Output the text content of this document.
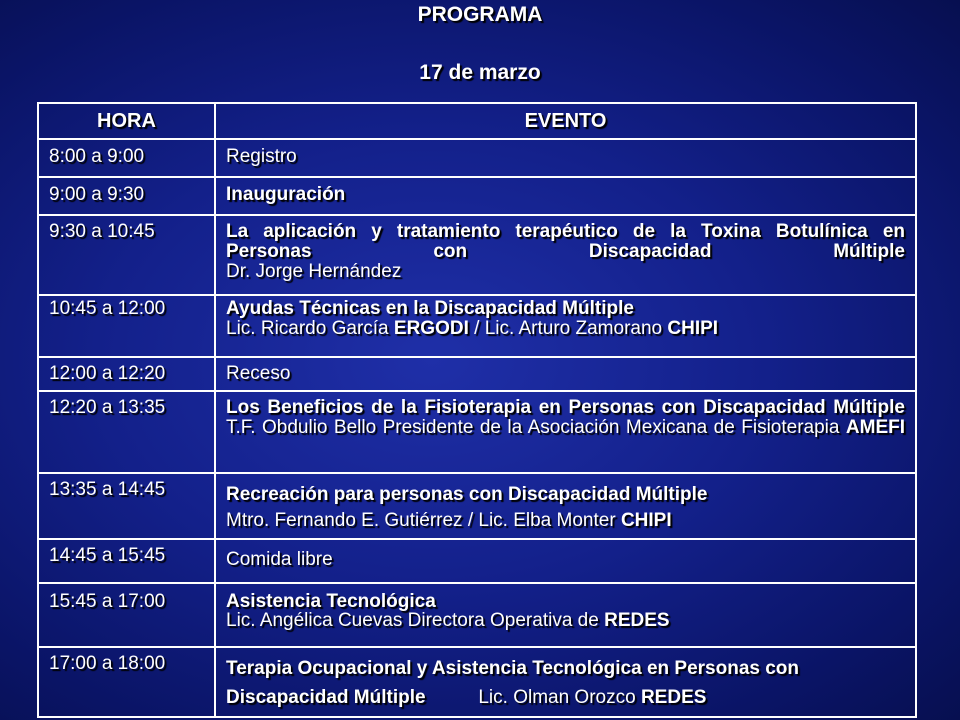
PROGRAMA
17 de marzo
HORA	EVENTO
8:00 a 9:00	Registro
9:00 a 9:30	Inauguración
9:30 a 10:45	La aplicación y tratamiento terapéutico de la Toxina Botulínica en Personas con Discapacidad Múltiple
Dr. Jorge Hernández

10:45 a 12:00	Ayudas Técnicas en la Discapacidad Múltiple
Lic. Ricardo García ERGODI / Lic. Arturo Zamorano CHIPI

12:00 a 12:20	Receso
12:20 a 13:35	Los Beneficios de la Fisioterapia en Personas con Discapacidad Múltiple T.F. Obdulio Bello Presidente de la Asociación Mexicana de Fisioterapia AMEFI
13:35 a 14:45	Recreación para personas con Discapacidad Múltiple
Mtro. Fernando E. Gutiérrez / Lic. Elba Monter CHIPI

14:45 a 15:45	Comida libre
15:45 a 17:00	Asistencia Tecnológica
Lic. Angélica Cuevas Directora Operativa de REDES

17:00 a 18:00	Terapia Ocupacional y Asistencia Tecnológica en Personas con Discapacidad Múltiple Lic. Olman Orozco REDES
